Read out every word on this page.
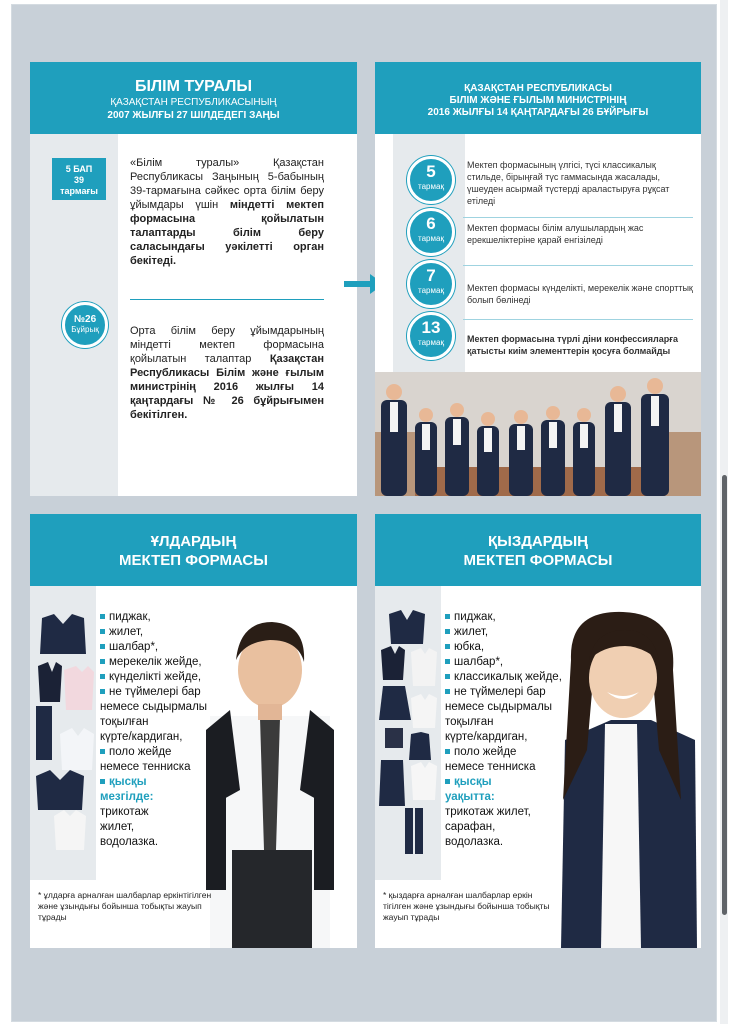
БІЛІМ ТУРАЛЫ
ҚАЗАҚСТАН РЕСПУБЛИКАСЫНЫҢ
2007 ЖЫЛҒЫ 27 ШІЛДЕДЕГІ ЗАҢЫ
5 БАП
39
тармағы
№26
Бұйрық
«Білім туралы» Қазақстан Республикасы Заңының 5-бабының 39-тармағына сәйкес орта білім беру ұйымдары үшін міндетті мектеп формасына қойылатын талаптарды білім беру саласындағы уәкілетті орган бекітеді.
Орта білім беру ұйымдарының міндетті мектеп формасына қойылатын талаптар Қазақстан Республикасы Білім және ғылым министрінің 2016 жылғы 14 қаңтардағы № 26 бұйрығымен бекітілген.
ҚАЗАҚСТАН РЕСПУБЛИКАСЫ
БІЛІМ ЖӘНЕ ҒЫЛЫМ МИНИСТРІНІҢ
2016 ЖЫЛҒЫ 14 ҚАҢТАРДАҒЫ 26 БҰЙРЫҒЫ
5
тармақ
Мектеп формасының үлгісі, түсі классикалық стильде, бірыңғай түс гаммасында жасалады, үшеуден асырмай түстерді араластыруға рұқсат етіледі
6
тармақ
Мектеп формасы білім алушылардың жас ерекшеліктеріне қарай енгізіледі
7
тармақ	Мектеп формасы күнделікті, мерекелік және спорттық болып бөлінеді
13
тармақ	Мектеп формасына түрлі діни конфессияларға қатысты киім элементтерін қосуға болмайды
ҰЛДАРДЫҢ
МЕКТЕП ФОРМАСЫ
пиджак,
жилет,
шалбар*,
мерекелік жейде,
күнделікті жейде,
не түймелері бар
немесе сыдырмалы
тоқылған
күрте/кардиган,
поло жейде
немесе тенниска
қысқы
мезгілде:
трикотаж
жилет,
водолазка.
* ұлдарға арналған шалбарлар еркінтігілген және ұзындығы бойынша тобықты жауып тұрады
ҚЫЗДАРДЫҢ
МЕКТЕП ФОРМАСЫ
пиджак,
жилет,
юбка,
шалбар*,
классикалық жейде,
не түймелері бар
немесе сыдырмалы
тоқылған
күрте/кардиган,
поло жейде
немесе тенниска
қысқы
уақытта:
трикотаж жилет,
сарафан,
водолазка.
* қыздарға арналған шалбарлар еркін тігілген және ұзындығы бойынша тобықты жауып тұрады
